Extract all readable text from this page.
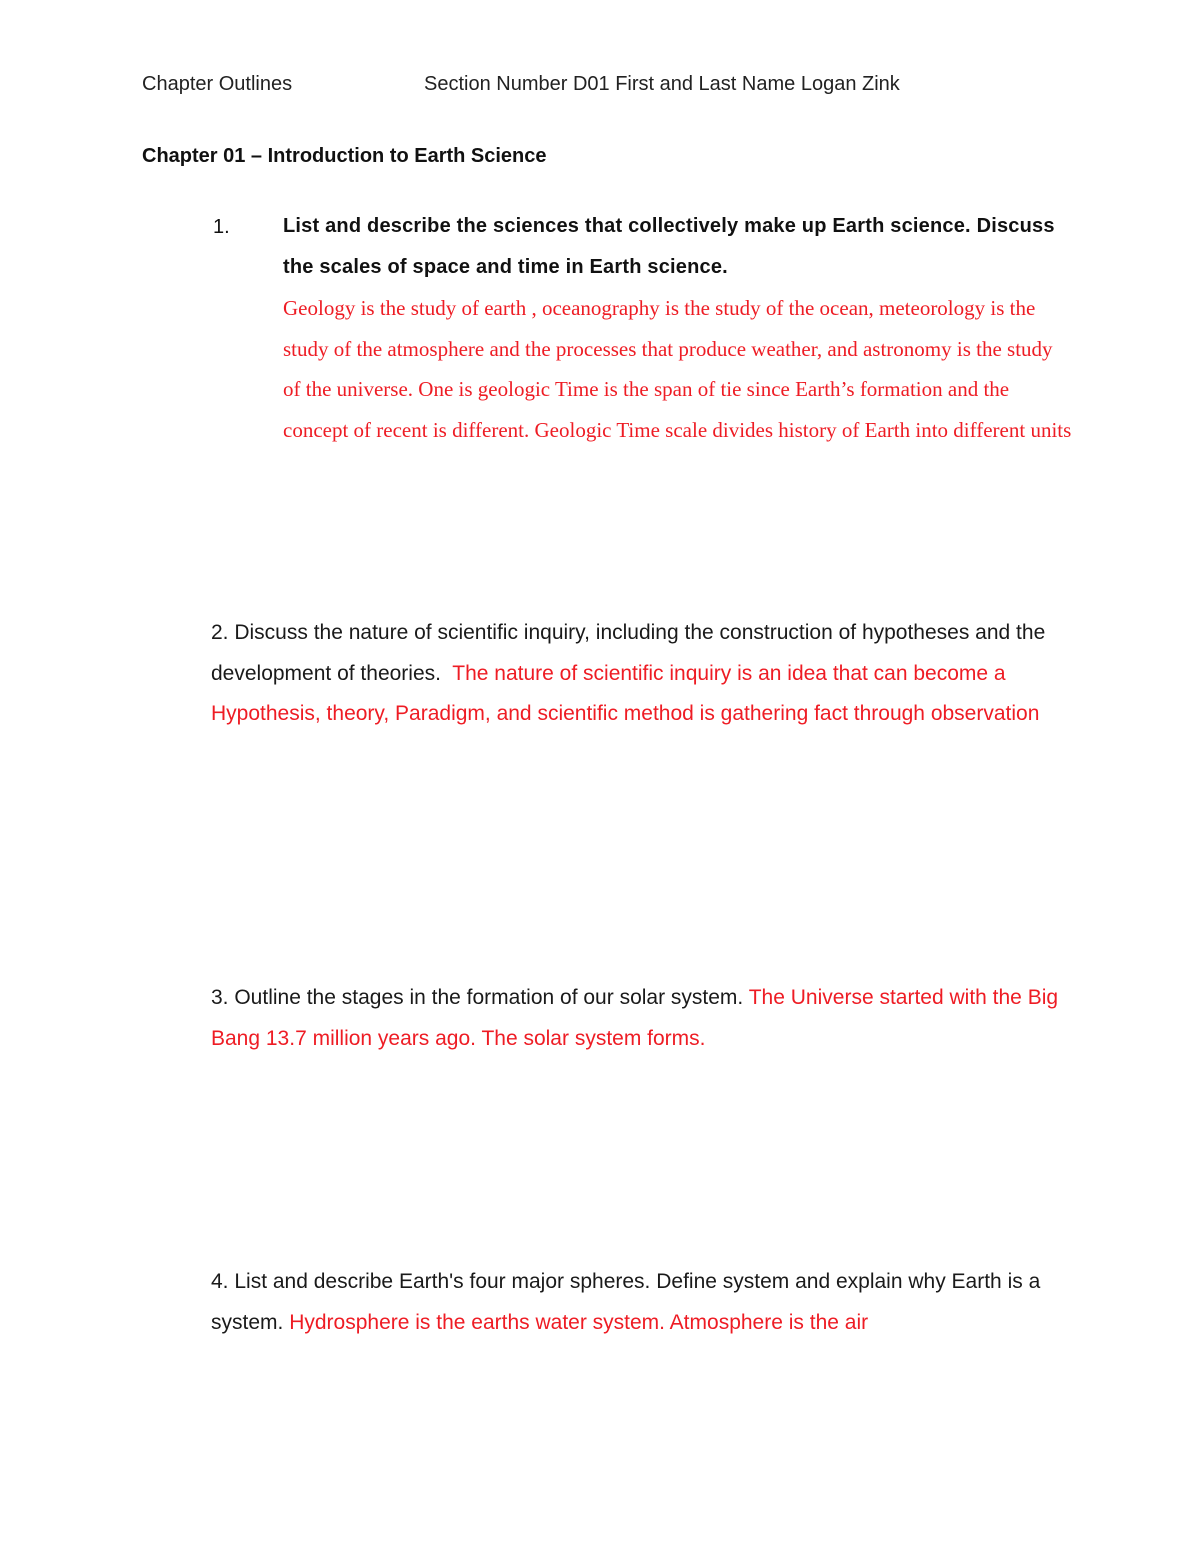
Chapter Outlines	Section Number D01 First and Last Name Logan Zink
Chapter 01 – Introduction to Earth Science
1.	List and describe the sciences that collectively make up Earth science. Discuss the scales of space and time in Earth science.
Geology is the study of earth , oceanography is the study of the ocean, meteorology is the study of the atmosphere and the processes that produce weather, and astronomy is the study of the universe. One is geologic Time is the span of tie since Earth’s formation and the concept of recent is different. Geologic Time scale divides history of Earth into different units
2. Discuss the nature of scientific inquiry, including the construction of hypotheses and the development of theories. The nature of scientific inquiry is an idea that can become a Hypothesis, theory, Paradigm, and scientific method is gathering fact through observation
3. Outline the stages in the formation of our solar system. The Universe started with the Big Bang 13.7 million years ago. The solar system forms.
4. List and describe Earth's four major spheres. Define system and explain why Earth is a system. Hydrosphere is the earths water system. Atmosphere is the air
